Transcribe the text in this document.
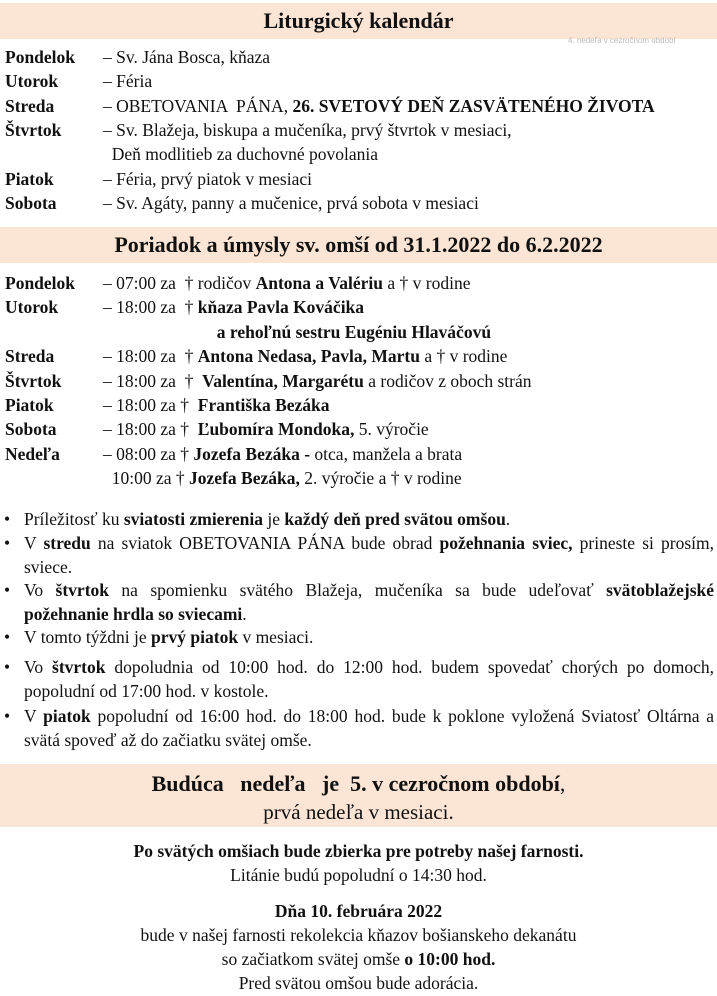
Liturgický kalendár
4. nedeľa v cezročnom období
Pondelok – Sv. Jána Bosca, kňaza
Utorok	– Féria
Streda	– OBETOVANIA  PÁNA, 26. SVETOVÝ DEŇ ZASVÄTENÉHO ŽIVOTA
Štvrtok – Sv. Blažeja, biskupa a mučeníka, prvý štvrtok v mesiaci,
Deň modlitieb za duchovné povolania
Piatok	– Féria, prvý piatok v mesiaci
Sobota	– Sv. Agáty, panny a mučenice, prvá sobota v mesiaci
Poriadok a úmysly sv. omší od 31.1.2022 do 6.2.2022
Pondelok – 07:00 za  † rodičov Antona a Valériu a † v rodine
Utorok	– 18:00 za  † kňaza Pavla Kováčika
a rehoľnú sestru Eugéniu Hlaváčovú
Streda	– 18:00 za  † Antona Nedasa, Pavla, Martu a † v rodine
Štvrtok – 18:00 za  †  Valentína, Margarétu a rodičov z oboch strán
Piatok	– 18:00 za †  Františka Bezáka
Sobota	– 18:00 za †  Ľubomíra Mondoka, 5. výročie
Nedeľa – 08:00 za † Jozefa Bezáka - otca, manžela a brata
10:00 za † Jozefa Bezáka, 2. výročie a † v rodine
• Príležitosť ku sviatosti zmierenia je každý deň pred svätou omšou.
• V stredu na sviatok OBETOVANIA PÁNA bude obrad požehnania sviec, prineste si prosím, sviece.
• Vo štvrtok na spomienku svätého Blažeja, mučeníka sa bude udeľovať svätoblažejské požehnanie hrdla so sviecami.
• V tomto týždni je prvý piatok v mesiaci.
• Vo štvrtok dopoludnia od 10:00 hod. do 12:00 hod. budem spovedať chorých po domoch, popoludní od 17:00 hod. v kostole.
• V piatok popoludní od 16:00 hod. do 18:00 hod. bude k poklone vyložená Sviatosť Oltárna a svätá spoveď až do začiatku svätej omše.
Budúca   nedeľa   je  5. v cezročnom období,
prvá nedeľa v mesiaci.
Po svätých omšiach bude zbierka pre potreby našej farnosti.
Litánie budú popoludní o 14:30 hod.
Dňa 10. februára 2022
bude v našej farnosti rekolekcia kňazov bošianskeho dekanátu
so začiatkom svätej omše o 10:00 hod.
Pred svätou omšou bude adorácia.
